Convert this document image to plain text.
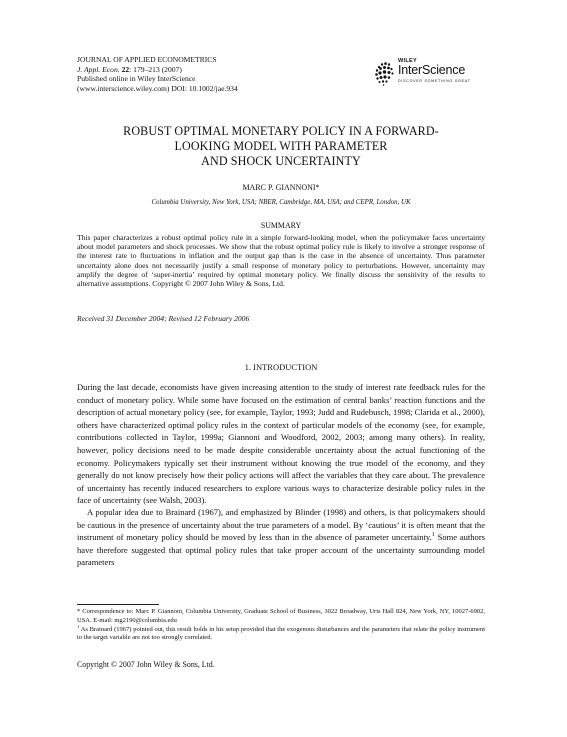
JOURNAL OF APPLIED ECONOMETRICS
J. Appl. Econ. 22: 179–213 (2007)
Published online in Wiley InterScience
(www.interscience.wiley.com) DOI: 10.1002/jae.934
WILEY
InterScience
DISCOVER SOMETHING GREAT
ROBUST OPTIMAL MONETARY POLICY IN A FORWARD-
LOOKING MODEL WITH PARAMETER
AND SHOCK UNCERTAINTY
MARC P. GIANNONI*
Columbia University, New York, USA; NBER, Cambridge, MA, USA; and CEPR, London, UK
SUMMARY
This paper characterizes a robust optimal policy rule in a simple forward-looking model, when the policymaker faces uncertainty about model parameters and shock processes. We show that the robust optimal policy rule is likely to involve a stronger response of the interest rate to fluctuations in inflation and the output gap than is the case in the absence of uncertainty. Thus parameter uncertainty alone does not necessarily justify a small response of monetary policy to perturbations. However, uncertainty may amplify the degree of ‘super-inertia’ required by optimal monetary policy. We finally discuss the sensitivity of the results to alternative assumptions. Copyright © 2007 John Wiley & Sons, Ltd.
Received 31 December 2004; Revised 12 February 2006
1. INTRODUCTION
During the last decade, economists have given increasing attention to the study of interest rate feedback rules for the conduct of monetary policy. While some have focused on the estimation of central banks’ reaction functions and the description of actual monetary policy (see, for example, Taylor, 1993; Judd and Rudebusch, 1998; Clarida et al., 2000), others have characterized optimal policy rules in the context of particular models of the economy (see, for example, contributions collected in Taylor, 1999a; Giannoni and Woodford, 2002, 2003; among many others). In reality, however, policy decisions need to be made despite considerable uncertainty about the actual functioning of the economy. Policymakers typically set their instrument without knowing the true model of the economy, and they generally do not know precisely how their policy actions will affect the variables that they care about. The prevalence of uncertainty has recently induced researchers to explore various ways to characterize desirable policy rules in the face of uncertainty (see Walsh, 2003).
A popular idea due to Brainard (1967), and emphasized by Blinder (1998) and others, is that policymakers should be cautious in the presence of uncertainty about the true parameters of a model. By ‘cautious’ it is often meant that the instrument of monetary policy should be moved by less than in the absence of parameter uncertainty.$^1$ Some authors have therefore suggested that optimal policy rules that take proper account of the uncertainty surrounding model parameters
* Correspondence to: Marc P. Giannoni, Columbia University, Graduate School of Business, 3022 Broadway, Uris Hall 824, New York, NY, 10027-6902, USA. E-mail: mg2190@columbia.edu
$^1$ As Brainard (1967) pointed out, this result holds in his setup provided that the exogenous disturbances and the parameters that relate the policy instrument to the target variable are not too strongly correlated.
Copyright © 2007 John Wiley & Sons, Ltd.
